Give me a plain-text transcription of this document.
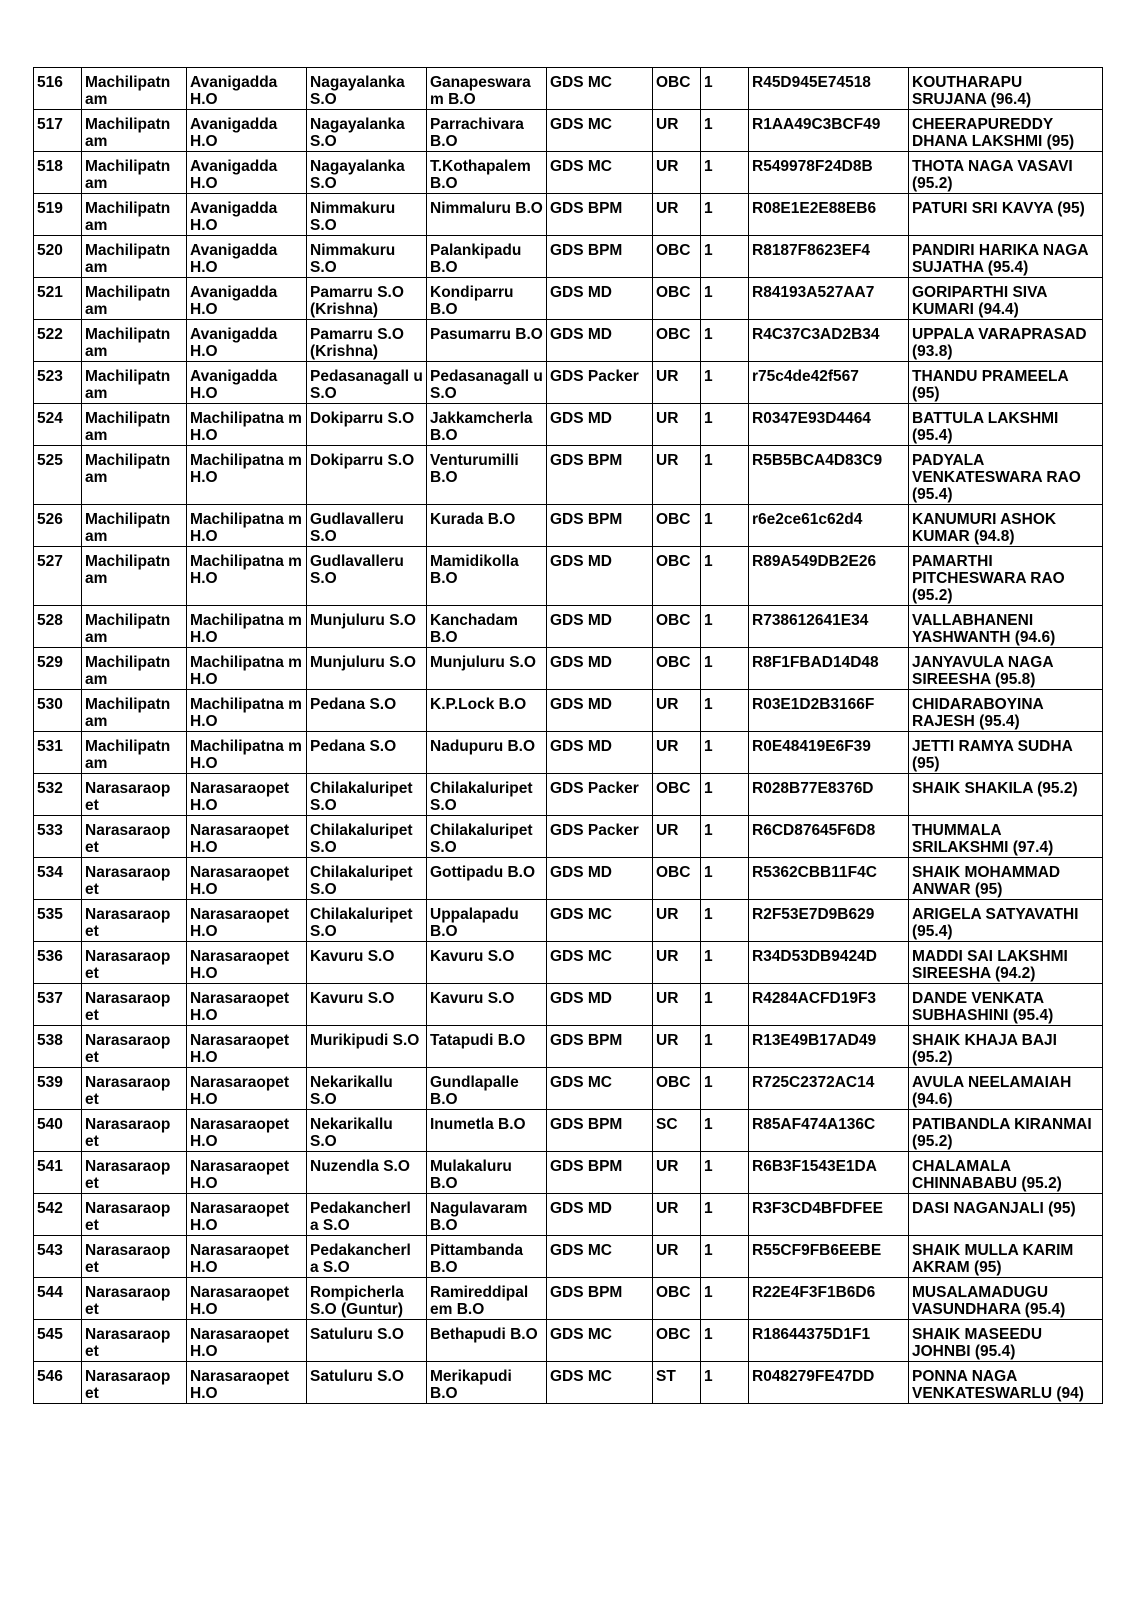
516	Machilipatn am	Avanigadda H.O	Nagayalanka S.O	Ganapeswara m B.O	GDS MC	OBC	1	R45D945E74518	KOUTHARAPU SRUJANA (96.4)
517	Machilipatn am	Avanigadda H.O	Nagayalanka S.O	Parrachivara B.O	GDS MC	UR	1	R1AA49C3BCF49	CHEERAPUREDDY DHANA LAKSHMI (95)
518	Machilipatn am	Avanigadda H.O	Nagayalanka S.O	T.Kothapalem B.O	GDS MC	UR	1	R549978F24D8B	THOTA NAGA VASAVI (95.2)
519	Machilipatn am	Avanigadda H.O	Nimmakuru S.O	Nimmaluru B.O	GDS BPM	UR	1	R08E1E2E88EB6	PATURI SRI KAVYA (95)
520	Machilipatn am	Avanigadda H.O	Nimmakuru S.O	Palankipadu B.O	GDS BPM	OBC	1	R8187F8623EF4	PANDIRI HARIKA NAGA SUJATHA (95.4)
521	Machilipatn am	Avanigadda H.O	Pamarru S.O (Krishna)	Kondiparru B.O	GDS MD	OBC	1	R84193A527AA7	GORIPARTHI SIVA KUMARI (94.4)
522	Machilipatn am	Avanigadda H.O	Pamarru S.O (Krishna)	Pasumarru B.O	GDS MD	OBC	1	R4C37C3AD2B34	UPPALA VARAPRASAD (93.8)
523	Machilipatn am	Avanigadda H.O	Pedasanagall u S.O	Pedasanagall u S.O	GDS Packer	UR	1	r75c4de42f567	THANDU PRAMEELA (95)
524	Machilipatn am	Machilipatna m H.O	Dokiparru S.O	Jakkamcherla B.O	GDS MD	UR	1	R0347E93D4464	BATTULA LAKSHMI (95.4)
525	Machilipatn am	Machilipatna m H.O	Dokiparru S.O	Venturumilli B.O	GDS BPM	UR	1	R5B5BCA4D83C9	PADYALA VENKATESWARA RAO (95.4)
526	Machilipatn am	Machilipatna m H.O	Gudlavalleru S.O	Kurada B.O	GDS BPM	OBC	1	r6e2ce61c62d4	KANUMURI ASHOK KUMAR (94.8)
527	Machilipatn am	Machilipatna m H.O	Gudlavalleru S.O	Mamidikolla B.O	GDS MD	OBC	1	R89A549DB2E26	PAMARTHI PITCHESWARA RAO (95.2)
528	Machilipatn am	Machilipatna m H.O	Munjuluru S.O	Kanchadam B.O	GDS MD	OBC	1	R738612641E34	VALLABHANENI YASHWANTH (94.6)
529	Machilipatn am	Machilipatna m H.O	Munjuluru S.O	Munjuluru S.O	GDS MD	OBC	1	R8F1FBAD14D48	JANYAVULA NAGA SIREESHA (95.8)
530	Machilipatn am	Machilipatna m H.O	Pedana S.O	K.P.Lock B.O	GDS MD	UR	1	R03E1D2B3166F	CHIDARABOYINA RAJESH (95.4)
531	Machilipatn am	Machilipatna m H.O	Pedana S.O	Nadupuru B.O	GDS MD	UR	1	R0E48419E6F39	JETTI RAMYA SUDHA (95)
532	Narasaraop et	Narasaraopet H.O	Chilakaluripet S.O	Chilakaluripet S.O	GDS Packer	OBC	1	R028B77E8376D	SHAIK SHAKILA (95.2)
533	Narasaraop et	Narasaraopet H.O	Chilakaluripet S.O	Chilakaluripet S.O	GDS Packer	UR	1	R6CD87645F6D8	THUMMALA SRILAKSHMI (97.4)
534	Narasaraop et	Narasaraopet H.O	Chilakaluripet S.O	Gottipadu B.O	GDS MD	OBC	1	R5362CBB11F4C	SHAIK MOHAMMAD ANWAR (95)
535	Narasaraop et	Narasaraopet H.O	Chilakaluripet S.O	Uppalapadu B.O	GDS MC	UR	1	R2F53E7D9B629	ARIGELA SATYAVATHI (95.4)
536	Narasaraop et	Narasaraopet H.O	Kavuru S.O	Kavuru S.O	GDS MC	UR	1	R34D53DB9424D	MADDI SAI LAKSHMI SIREESHA (94.2)
537	Narasaraop et	Narasaraopet H.O	Kavuru S.O	Kavuru S.O	GDS MD	UR	1	R4284ACFD19F3	DANDE VENKATA SUBHASHINI (95.4)
538	Narasaraop et	Narasaraopet H.O	Murikipudi S.O	Tatapudi B.O	GDS BPM	UR	1	R13E49B17AD49	SHAIK KHAJA BAJI (95.2)
539	Narasaraop et	Narasaraopet H.O	Nekarikallu S.O	Gundlapalle B.O	GDS MC	OBC	1	R725C2372AC14	AVULA NEELAMAIAH (94.6)
540	Narasaraop et	Narasaraopet H.O	Nekarikallu S.O	Inumetla B.O	GDS BPM	SC	1	R85AF474A136C	PATIBANDLA KIRANMAI (95.2)
541	Narasaraop et	Narasaraopet H.O	Nuzendla S.O	Mulakaluru B.O	GDS BPM	UR	1	R6B3F1543E1DA	CHALAMALA CHINNABABU (95.2)
542	Narasaraop et	Narasaraopet H.O	Pedakancherl a S.O	Nagulavaram B.O	GDS MD	UR	1	R3F3CD4BFDFEE	DASI NAGANJALI (95)
543	Narasaraop et	Narasaraopet H.O	Pedakancherl a S.O	Pittambanda B.O	GDS MC	UR	1	R55CF9FB6EEBE	SHAIK MULLA KARIM AKRAM (95)
544	Narasaraop et	Narasaraopet H.O	Rompicherla S.O (Guntur)	Ramireddipal em B.O	GDS BPM	OBC	1	R22E4F3F1B6D6	MUSALAMADUGU VASUNDHARA (95.4)
545	Narasaraop et	Narasaraopet H.O	Satuluru S.O	Bethapudi B.O	GDS MC	OBC	1	R18644375D1F1	SHAIK MASEEDU JOHNBI (95.4)
546	Narasaraop et	Narasaraopet H.O	Satuluru S.O	Merikapudi B.O	GDS MC	ST	1	R048279FE47DD	PONNA NAGA VENKATESWARLU (94)
